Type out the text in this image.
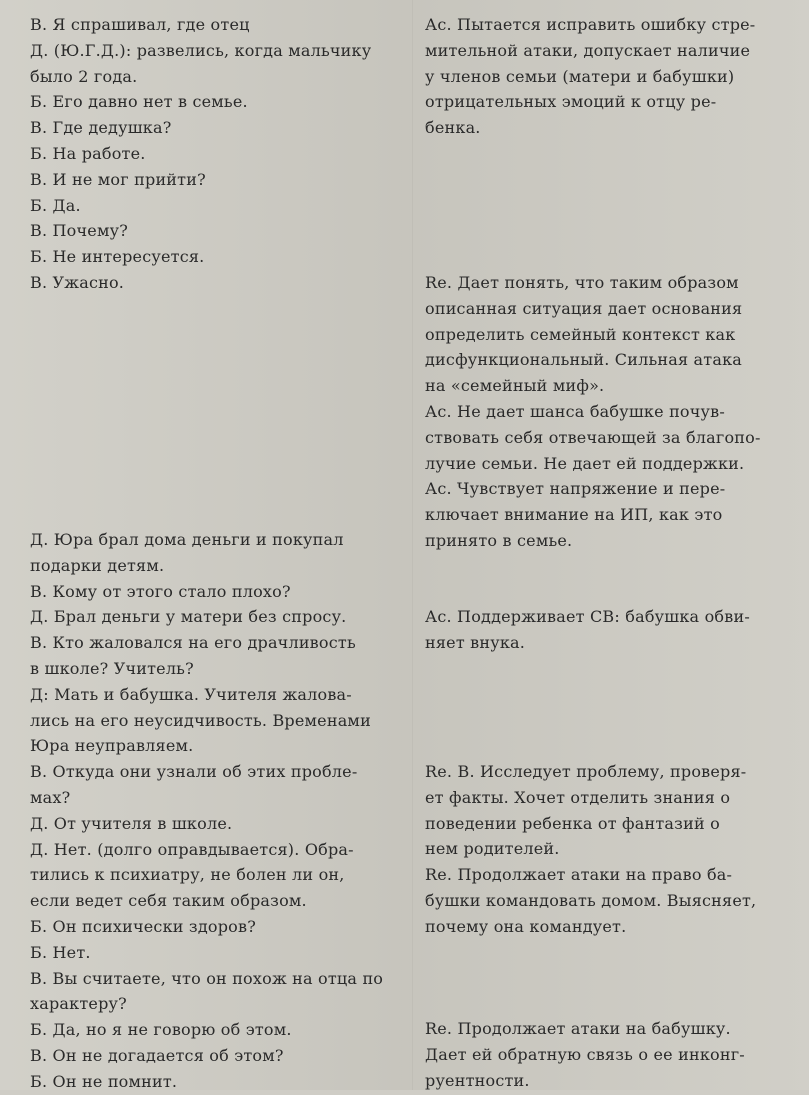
В. Я спрашивал, где отец
Д. (Ю.Г.Д.): развелись, когда мальчику
было 2 года.
Б. Его давно нет в семье.
В. Где дедушка?
Б. На работе.
В. И не мог прийти?
Б. Да.
В. Почему?
Б. Не интересуется.
В. Ужасно.
Д. Юра брал дома деньги и покупал
подарки детям.
В. Кому от этого стало плохо?
Д. Брал деньги у матери без спросу.
В. Кто жаловался на его драчливость
в школе? Учитель?
Д: Мать и бабушка. Учителя жалова-
лись на его неусидчивость. Временами
Юра неуправляем.
В. Откуда они узнали об этих пробле-
мах?
Д. От учителя в школе.
Д. Нет. (долго оправдывается). Обра-
тились к психиатру, не болен ли он,
если ведет себя таким образом.
Б. Он психически здоров?
Б. Нет.
В. Вы считаете, что он похож на отца по
характеру?
Б. Да, но я не говорю об этом.
В. Он не догадается об этом?
Б. Он не помнит.
Ас. Пытается исправить ошибку стре-
мительной атаки, допускает наличие
у членов семьи (матери и бабушки)
отрицательных эмоций к отцу ре-
бенка.
Re. Дает понять, что таким образом
описанная ситуация дает основания
определить семейный контекст как
дисфункциональный. Сильная атака
на «семейный миф».
Ас. Не дает шанса бабушке почув-
ствовать себя отвечающей за благопо-
лучие семьи. Не дает ей поддержки.
Ас. Чувствует напряжение и пере-
ключает внимание на ИП, как это
принято в семье.
Ас. Поддерживает СВ: бабушка обви-
няет внука.
Re. В. Исследует проблему, проверя-
ет факты. Хочет отделить знания о
поведении ребенка от фантазий о
нем родителей.
Re. Продолжает атаки на право ба-
бушки командовать домом. Выясняет,
почему она командует.
Re. Продолжает атаки на бабушку.
Дает ей обратную связь о ее инконг-
руентности.
